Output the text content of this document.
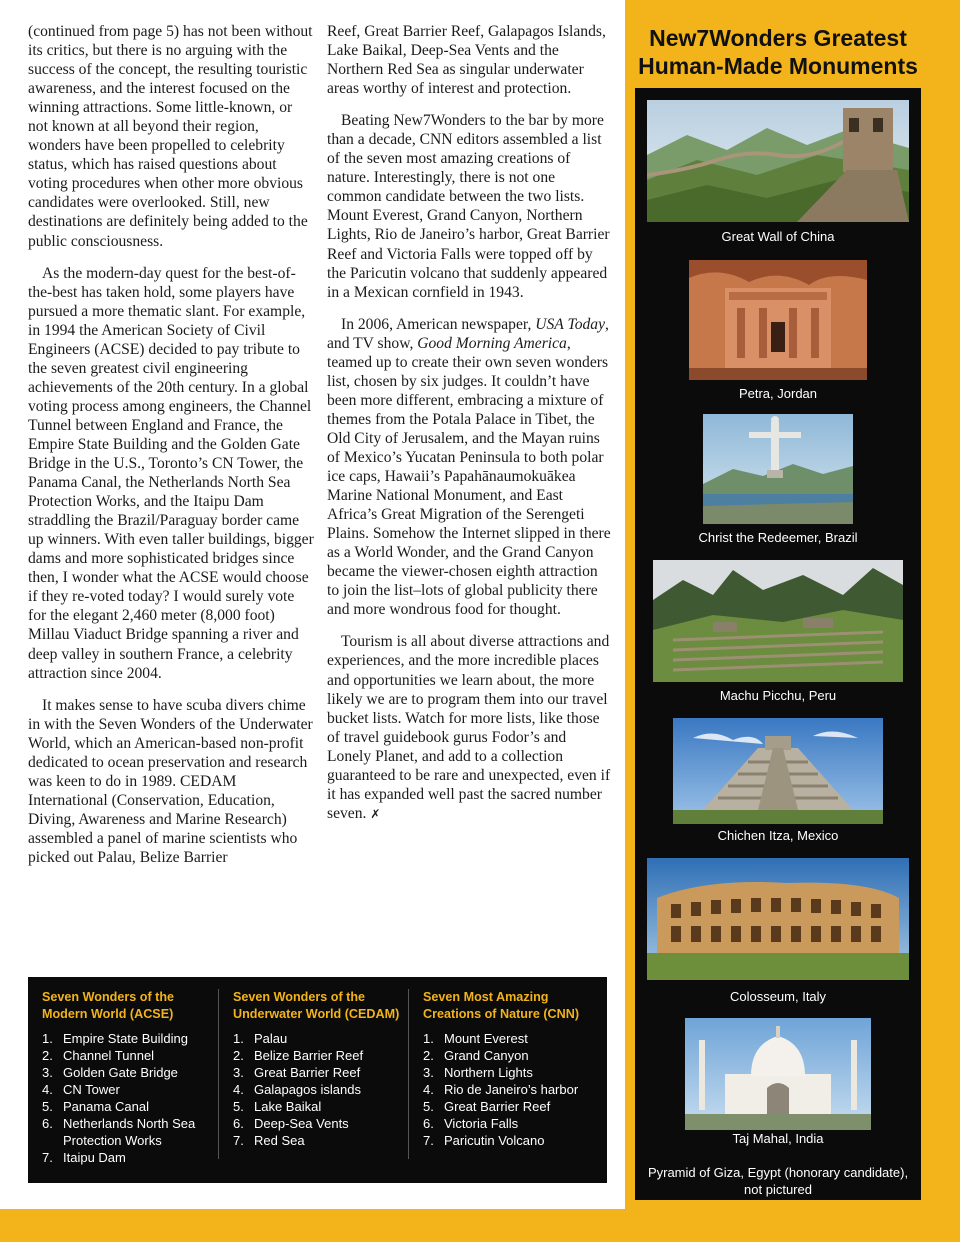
(continued from page 5) has not been without its critics, but there is no arguing with the success of the concept, the resulting touristic awareness, and the interest focused on the winning attractions. Some little-known, or not known at all beyond their region, wonders have been propelled to celebrity status, which has raised questions about voting procedures when other more obvious candidates were overlooked. Still, new destinations are definitely being added to the public consciousness.

As the modern-day quest for the best-of-the-best has taken hold, some players have pursued a more thematic slant. For example, in 1994 the American Society of Civil Engineers (ACSE) decided to pay tribute to the seven greatest civil engineering achievements of the 20th century. In a global voting process among engineers, the Channel Tunnel between England and France, the Empire State Building and the Golden Gate Bridge in the U.S., Toronto’s CN Tower, the Panama Canal, the Netherlands North Sea Protection Works, and the Itaipu Dam straddling the Brazil/Paraguay border came up winners. With even taller buildings, bigger dams and more sophisticated bridges since then, I wonder what the ACSE would choose if they re-voted today? I would surely vote for the elegant 2,460 meter (8,000 foot) Millau Viaduct Bridge spanning a river and deep valley in southern France, a celebrity attraction since 2004.

It makes sense to have scuba divers chime in with the Seven Wonders of the Underwater World, which an American-based non-profit dedicated to ocean preservation and research was keen to do in 1989. CEDAM International (Conservation, Education, Diving, Awareness and Marine Research) assembled a panel of marine scientists who picked out Palau, Belize Barrier

Reef, Great Barrier Reef, Galapagos Islands, Lake Baikal, Deep-Sea Vents and the Northern Red Sea as singular underwater areas worthy of interest and protection.

Beating New7Wonders to the bar by more than a decade, CNN editors assembled a list of the seven most amazing creations of nature. Interestingly, there is not one common candidate between the two lists. Mount Everest, Grand Canyon, Northern Lights, Rio de Janeiro’s harbor, Great Barrier Reef and Victoria Falls were topped off by the Paricutin volcano that suddenly appeared in a Mexican cornfield in 1943.

In 2006, American newspaper, USA Today, and TV show, Good Morning America, teamed up to create their own seven wonders list, chosen by six judges. It couldn’t have been more different, embracing a mixture of themes from the Potala Palace in Tibet, the Old City of Jerusalem, and the Mayan ruins of Mexico’s Yucatan Peninsula to both polar ice caps, Hawaii’s Papahānaumokuākea Marine National Monument, and East Africa’s Great Migration of the Serengeti Plains. Somehow the Internet slipped in there as a World Wonder, and the Grand Canyon became the viewer-chosen eighth attraction to join the list–lots of global publicity there and more wondrous food for thought.

Tourism is all about diverse attractions and experiences, and the more incredible places and opportunities we learn about, the more likely we are to program them into our travel bucket lists. Watch for more lists, like those of travel guidebook gurus Fodor’s and Lonely Planet, and add to a collection guaranteed to be rare and unexpected, even if it has expanded well past the sacred number seven. ✗

Seven Wonders of the Modern World (ACSE)
1. Empire State Building
2. Channel Tunnel
3. Golden Gate Bridge
4. CN Tower
5. Panama Canal
6. Netherlands North Sea Protection Works
7. Itaipu Dam
Seven Wonders of the Underwater World (CEDAM)
1. Palau
2. Belize Barrier Reef
3. Great Barrier Reef
4. Galapagos islands
5. Lake Baikal
6. Deep-Sea Vents
7. Red Sea
Seven Most Amazing Creations of Nature (CNN)
1. Mount Everest
2. Grand Canyon
3. Northern Lights
4. Rio de Janeiro’s harbor
5. Great Barrier Reef
6. Victoria Falls
7. Paricutin Volcano
New7Wonders Greatest
Human-Made Monuments
Great Wall of China
Petra, Jordan
Christ the Redeemer, Brazil
Machu Picchu, Peru
Chichen Itza, Mexico
Colosseum, Italy
Taj Mahal, India
Pyramid of Giza, Egypt (honorary candidate),
not pictured
